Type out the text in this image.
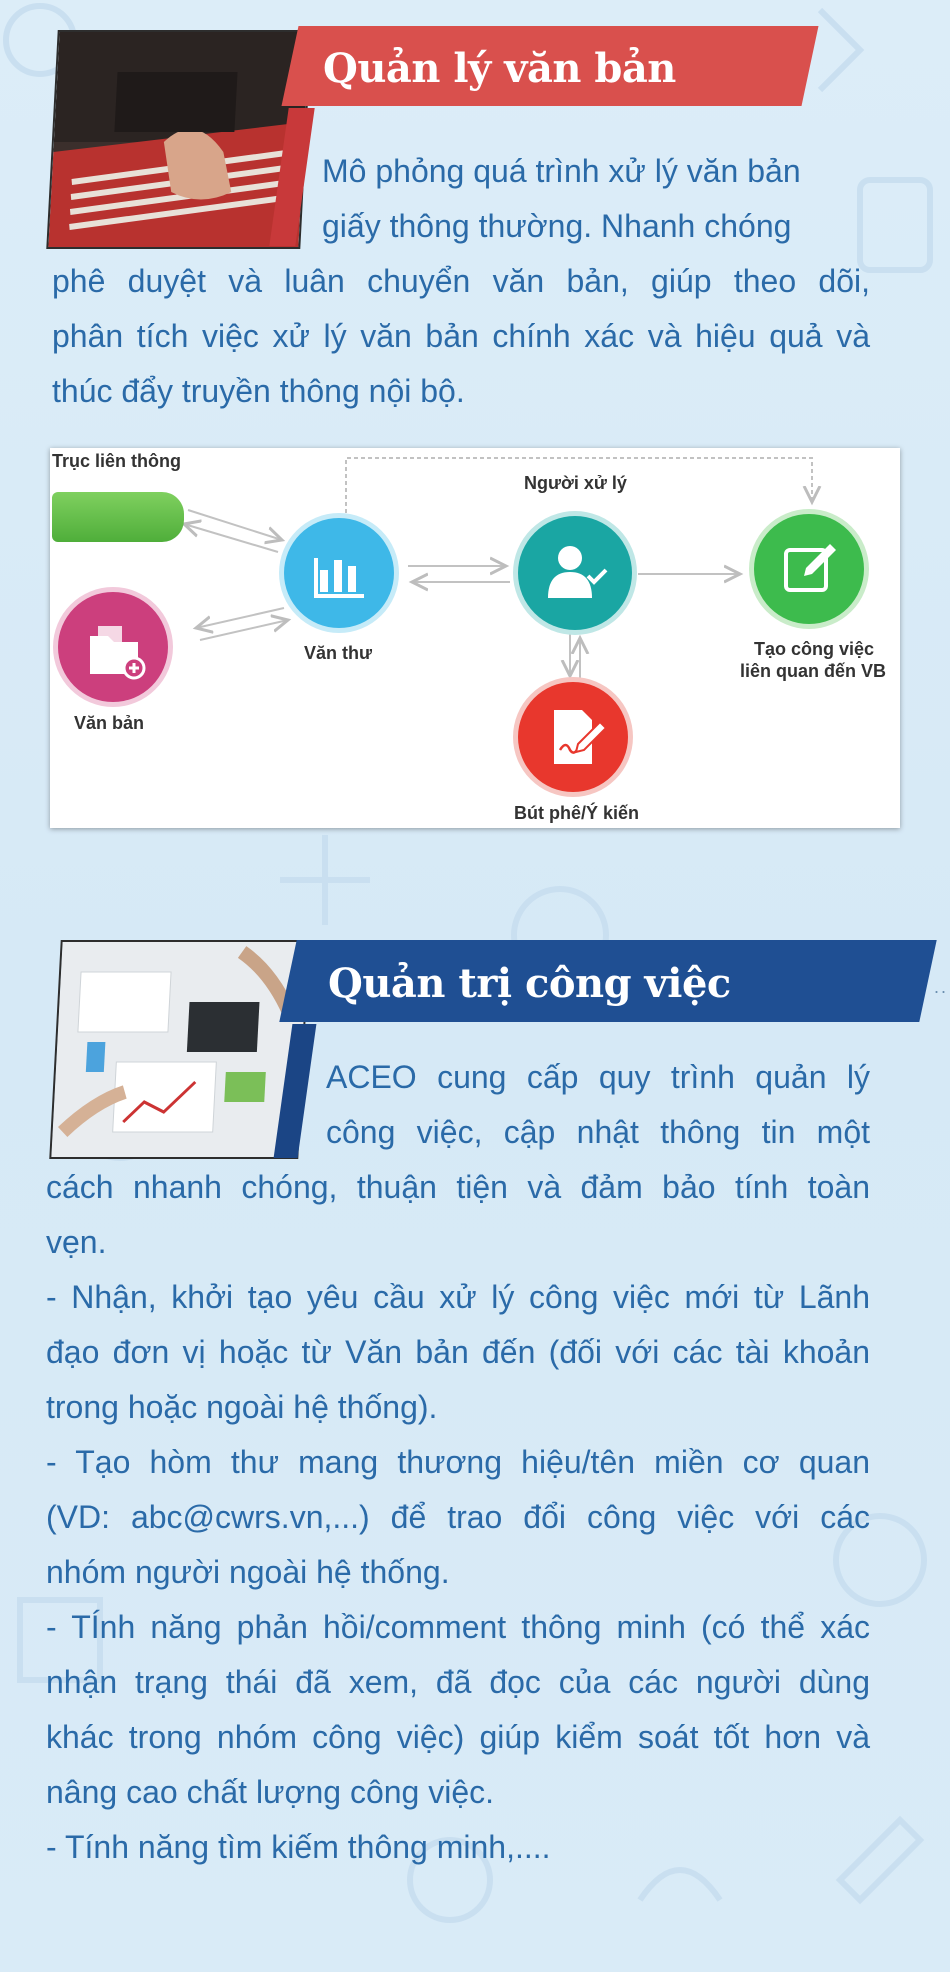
Quản lý văn bản

Mô phỏng quá trình xử lý văn bản
giấy thông thường. Nhanh chóng
phê duyệt và luân chuyển văn bản, giúp theo dõi,
phân tích việc xử lý văn bản chính xác và hiệu quả và
thúc đẩy truyền thông nội bộ.

Trục liên thông
Văn bản
Văn thư
Người xử lý
Tạo công việc
liên quan đến VB
Bút phê/Ý kiến
Quản trị công việc	..

ACEO cung cấp quy trình quản lý
công việc, cập nhật thông tin một
cách nhanh chóng, thuận tiện và đảm bảo tính toàn
vẹn.
- Nhận, khởi tạo yêu cầu xử lý công việc mới từ Lãnh
đạo đơn vị hoặc từ Văn bản đến (đối với các tài khoản
trong hoặc ngoài hệ thống).
- Tạo hòm thư mang thương hiệu/tên miền cơ quan
(VD: abc@cwrs.vn,...) để trao đổi công việc với các
nhóm người ngoài hệ thống.
- TÍnh năng phản hồi/comment thông minh (có thể xác
nhận trạng thái đã xem, đã đọc của các người dùng
khác trong nhóm công việc) giúp kiểm soát tốt hơn và
nâng cao chất lượng công việc.
- Tính năng tìm kiếm thông minh,....
